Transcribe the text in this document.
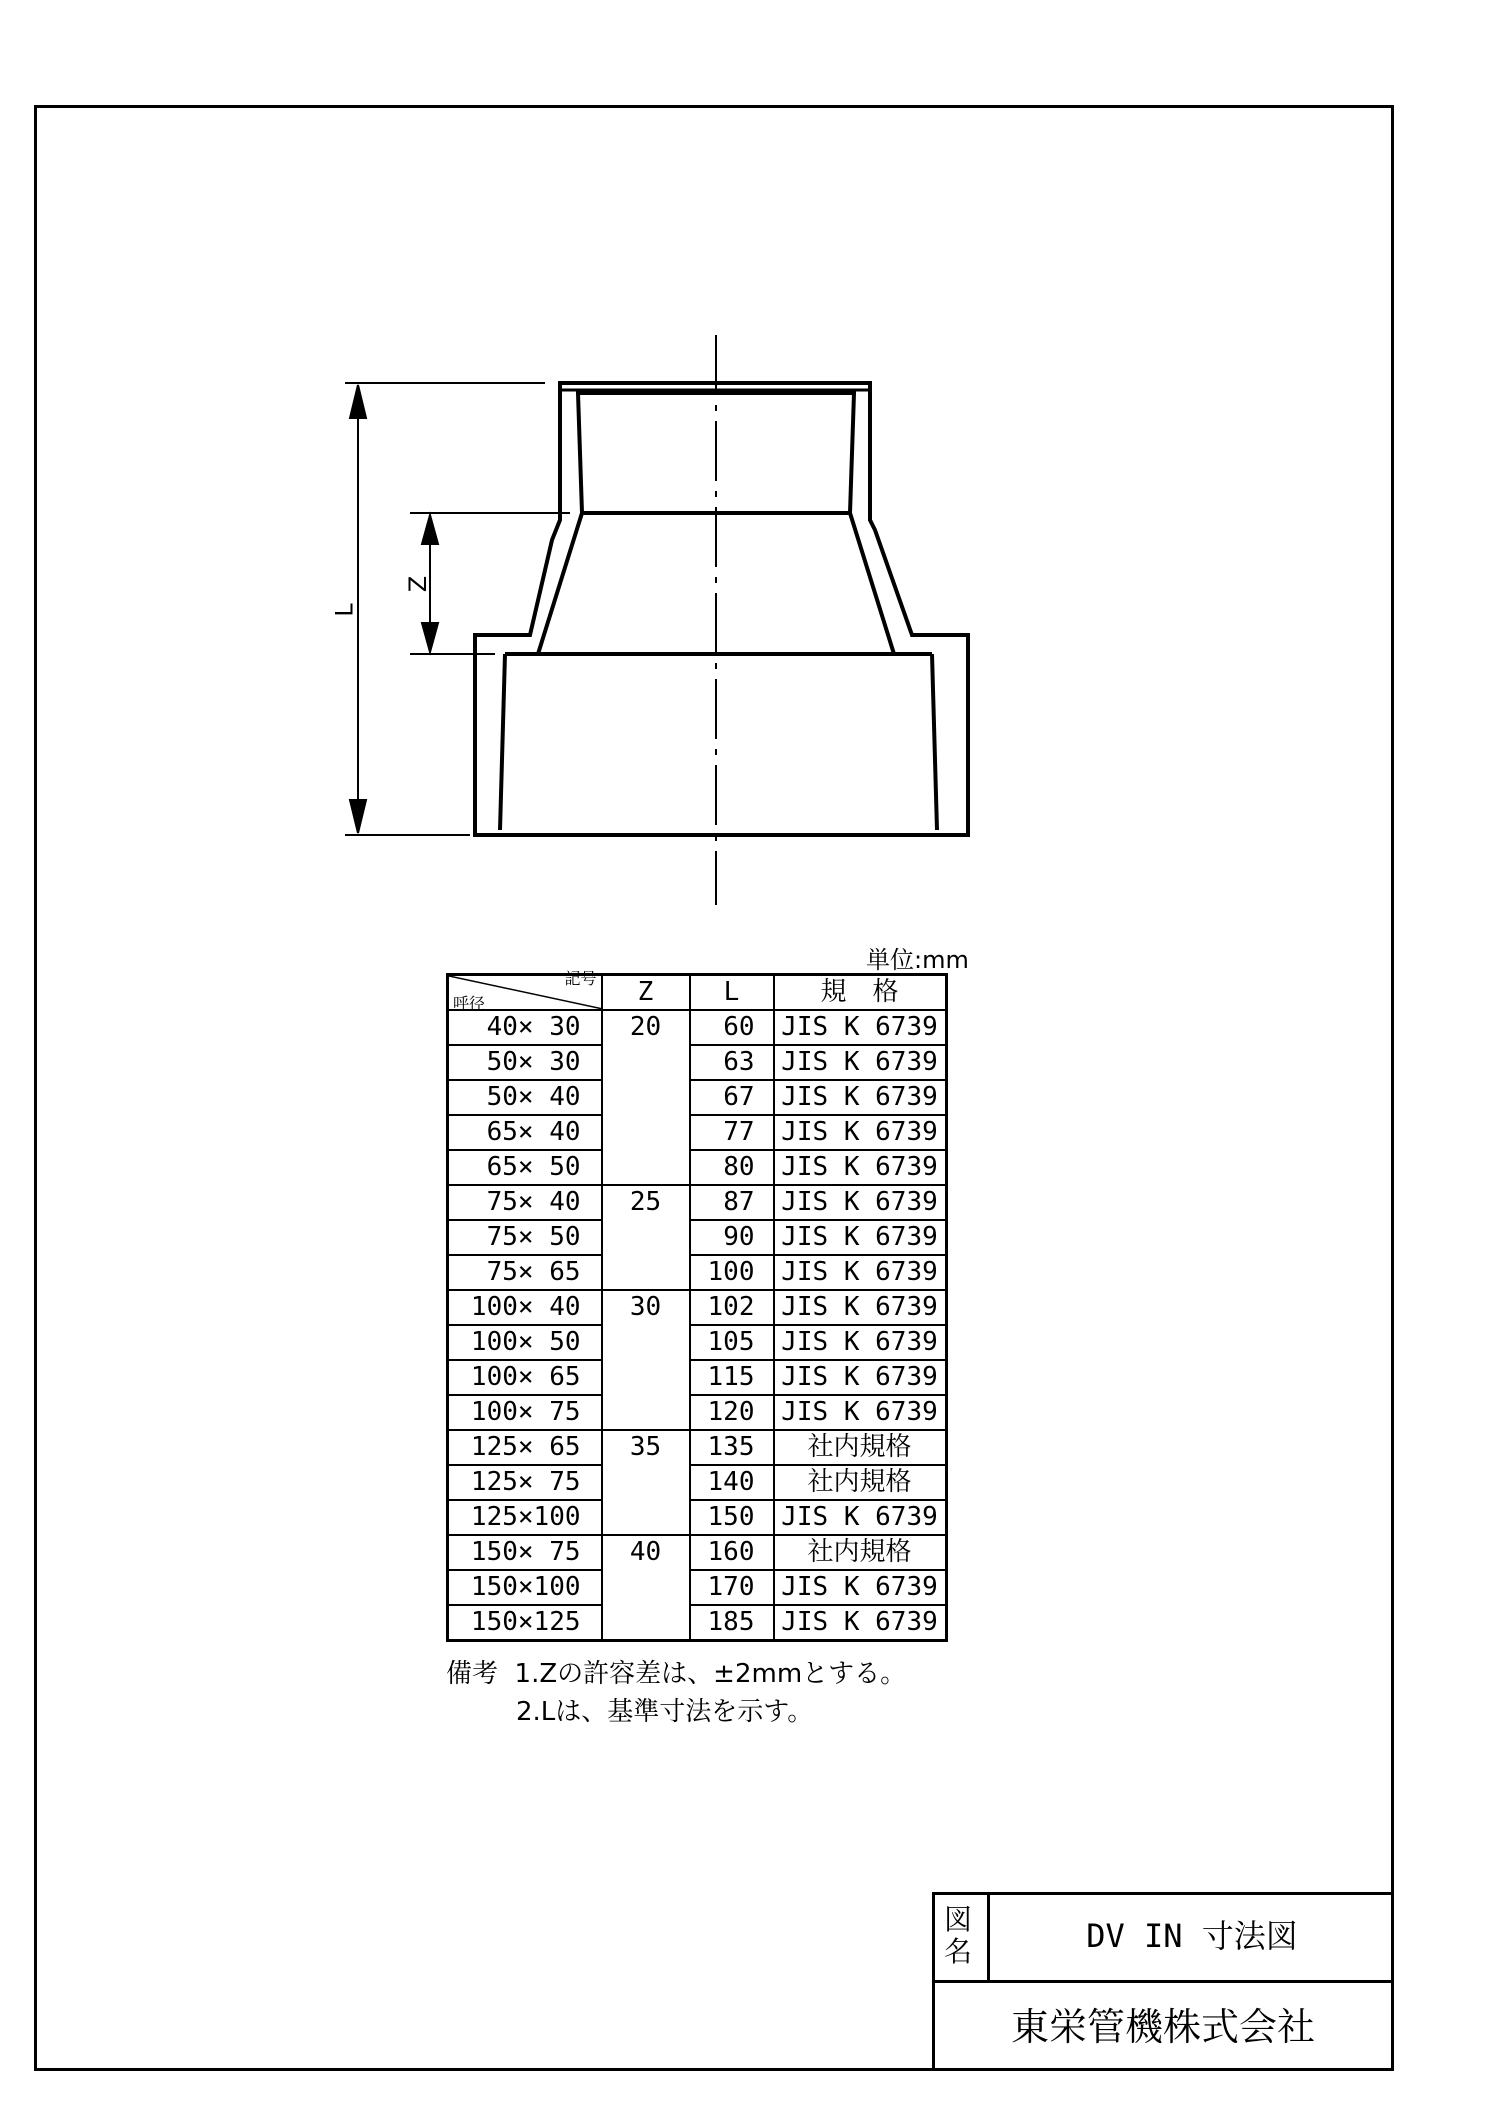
L
Z
単位:mm
記号
呼径	Z	L	規　格
40× 30	20	60	JIS K 6739
50× 30		63	JIS K 6739
50× 40		67	JIS K 6739
65× 40		77	JIS K 6739
65× 50		80	JIS K 6739
75× 40	25	87	JIS K 6739
75× 50		90	JIS K 6739
75× 65		100	JIS K 6739
100× 40	30	102	JIS K 6739
100× 50		105	JIS K 6739
100× 65		115	JIS K 6739
100× 75		120	JIS K 6739
125× 65	35	135	社内規格
125× 75		140	社内規格
125×100		150	JIS K 6739
150× 75	40	160	社内規格
150×100		170	JIS K 6739
150×125		185	JIS K 6739
備考 1.Zの許容差は、±2mmとする。
2.Lは、基準寸法を示す。
図名	DV IN 寸法図
東栄管機株式会社
